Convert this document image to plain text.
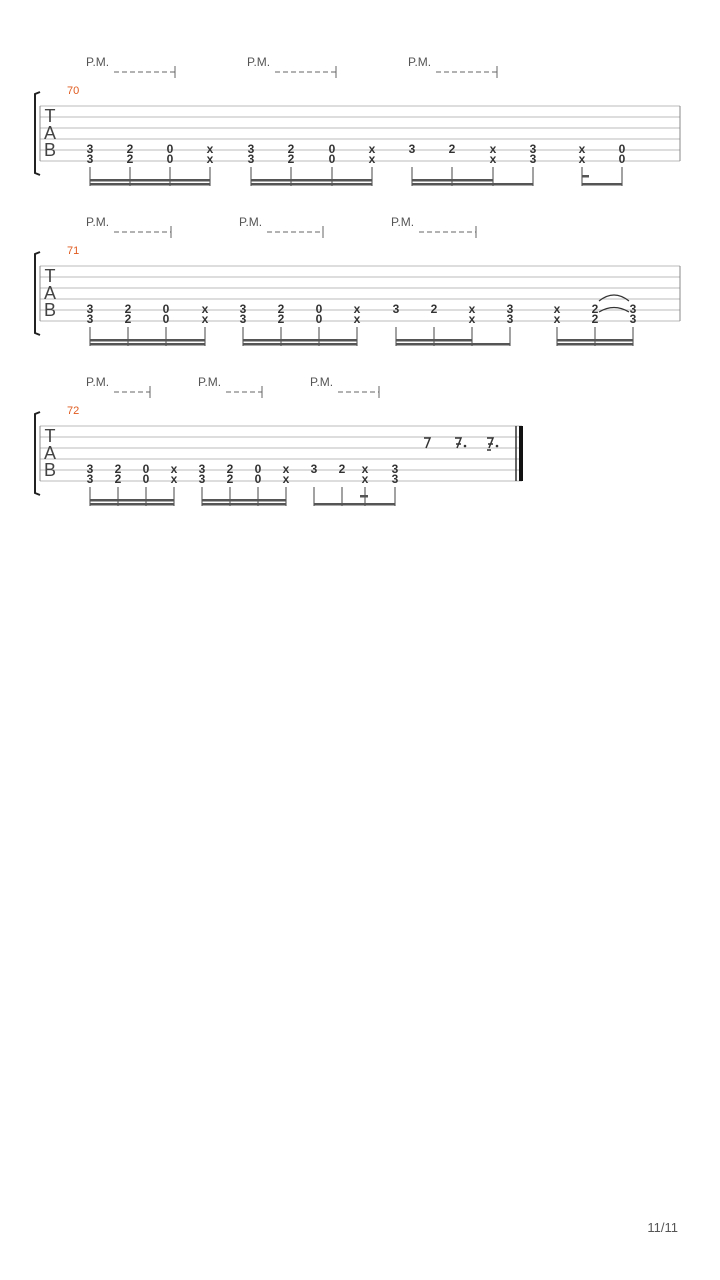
T
A
B
70
P.M.	P.M.	P.M.
3
3
2
2
0
0
x
x
3
3
2
2
0
0
x
x
3	2	x
x
3
3
x
x
0
0
T
A
B
71
P.M.	P.M.	P.M.
3
3
2
2
0
0
x
x
3
3
2
2
0
0
x
x
3	2	x
x
3
3
x
x
2
2
3
3
T
A
B
72
P.M.	P.M.	P.M.
3
3
2
2
0
0
x
x
3
3
2
2
0
0
x
x
3 2 x
x
3
3
11/11
